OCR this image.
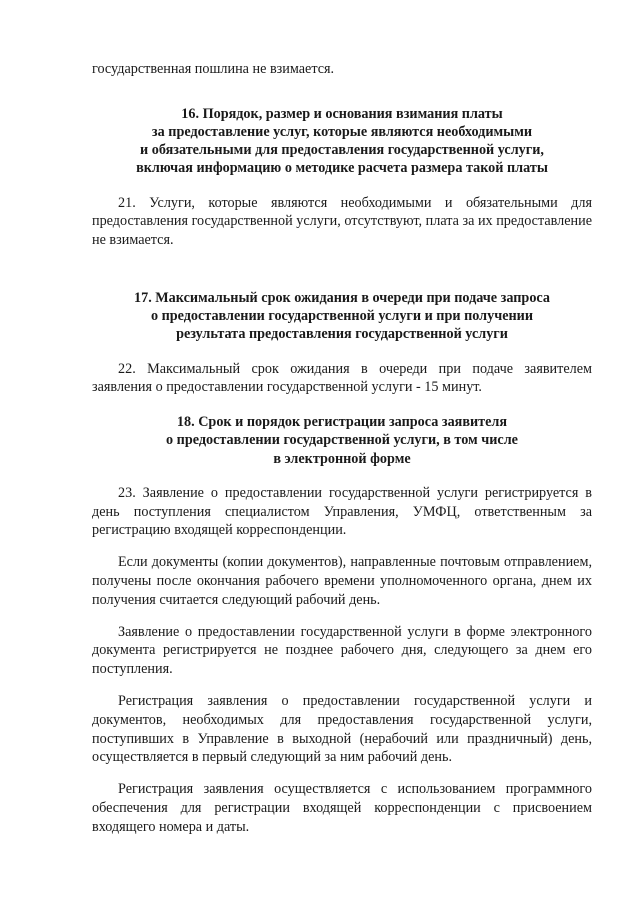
государственная пошлина не взимается.

16. Порядок, размер и основания взимания платы
за предоставление услуг, которые являются необходимыми
и обязательными для предоставления государственной услуги,
включая информацию о методике расчета размера такой платы

21. Услуги, которые являются необходимыми и обязательными для предоставления государственной услуги, отсутствуют, плата за их предоставление не взимается.

17. Максимальный срок ожидания в очереди при подаче запроса
о предоставлении государственной услуги и при получении
результата предоставления государственной услуги

22. Максимальный срок ожидания в очереди при подаче заявителем заявления о предоставлении государственной услуги - 15 минут.

18. Срок и порядок регистрации запроса заявителя
о предоставлении государственной услуги, в том числе
в электронной форме

23. Заявление о предоставлении государственной услуги регистрируется в день поступления специалистом Управления, УМФЦ, ответственным за регистрацию входящей корреспонденции.

Если документы (копии документов), направленные почтовым отправлением, получены после окончания рабочего времени уполномоченного органа, днем их получения считается следующий рабочий день.

Заявление о предоставлении государственной услуги в форме электронного документа регистрируется не позднее рабочего дня, следующего за днем его поступления.

Регистрация заявления о предоставлении государственной услуги и документов, необходимых для предоставления государственной услуги, поступивших в Управление в выходной (нерабочий или праздничный) день, осуществляется в первый следующий за ним рабочий день.

Регистрация заявления осуществляется с использованием программного обеспечения для регистрации входящей корреспонденции с присвоением входящего номера и даты.
